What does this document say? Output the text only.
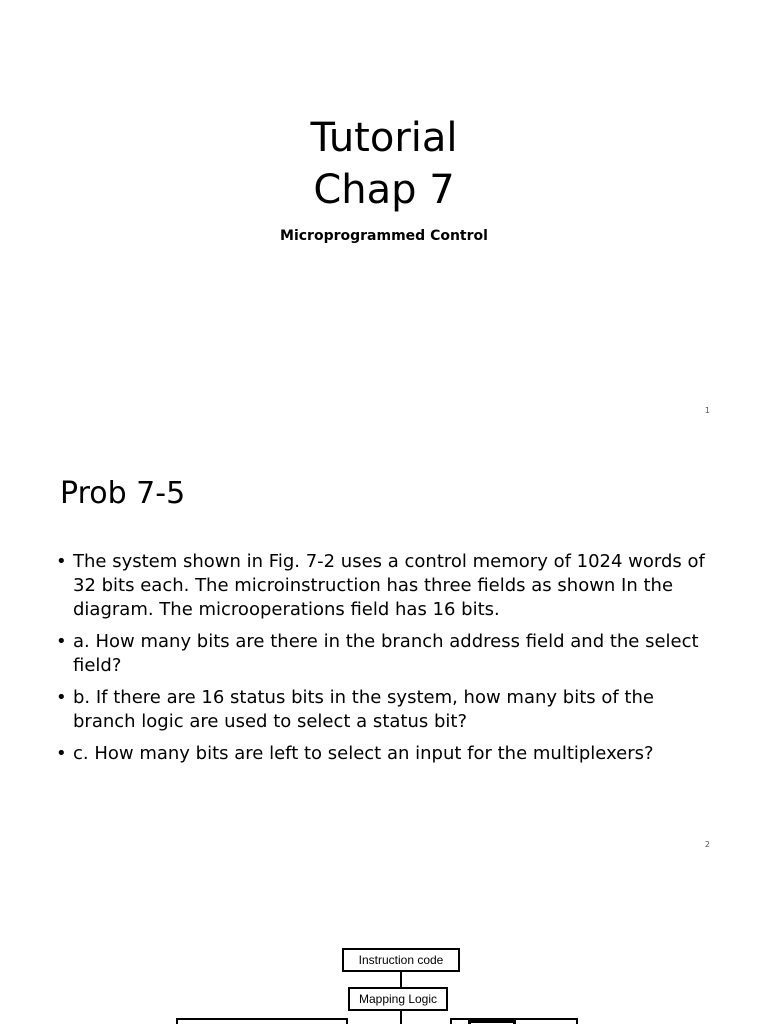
Tutorial
Chap 7
Microprogrammed Control
1
Prob 7-5
• The system shown in Fig. 7-2 uses a control memory of 1024 words of 32 bits each. The microinstruction has three fields as shown In the diagram. The microoperations field has 16 bits.
• a. How many bits are there in the branch address field and the select field?
• b. If there are 16 status bits in the system, how many bits of the branch logic are used to select a status bit?
• c. How many bits are left to select an input for the multiplexers?
2
Instruction code
Mapping Logic
